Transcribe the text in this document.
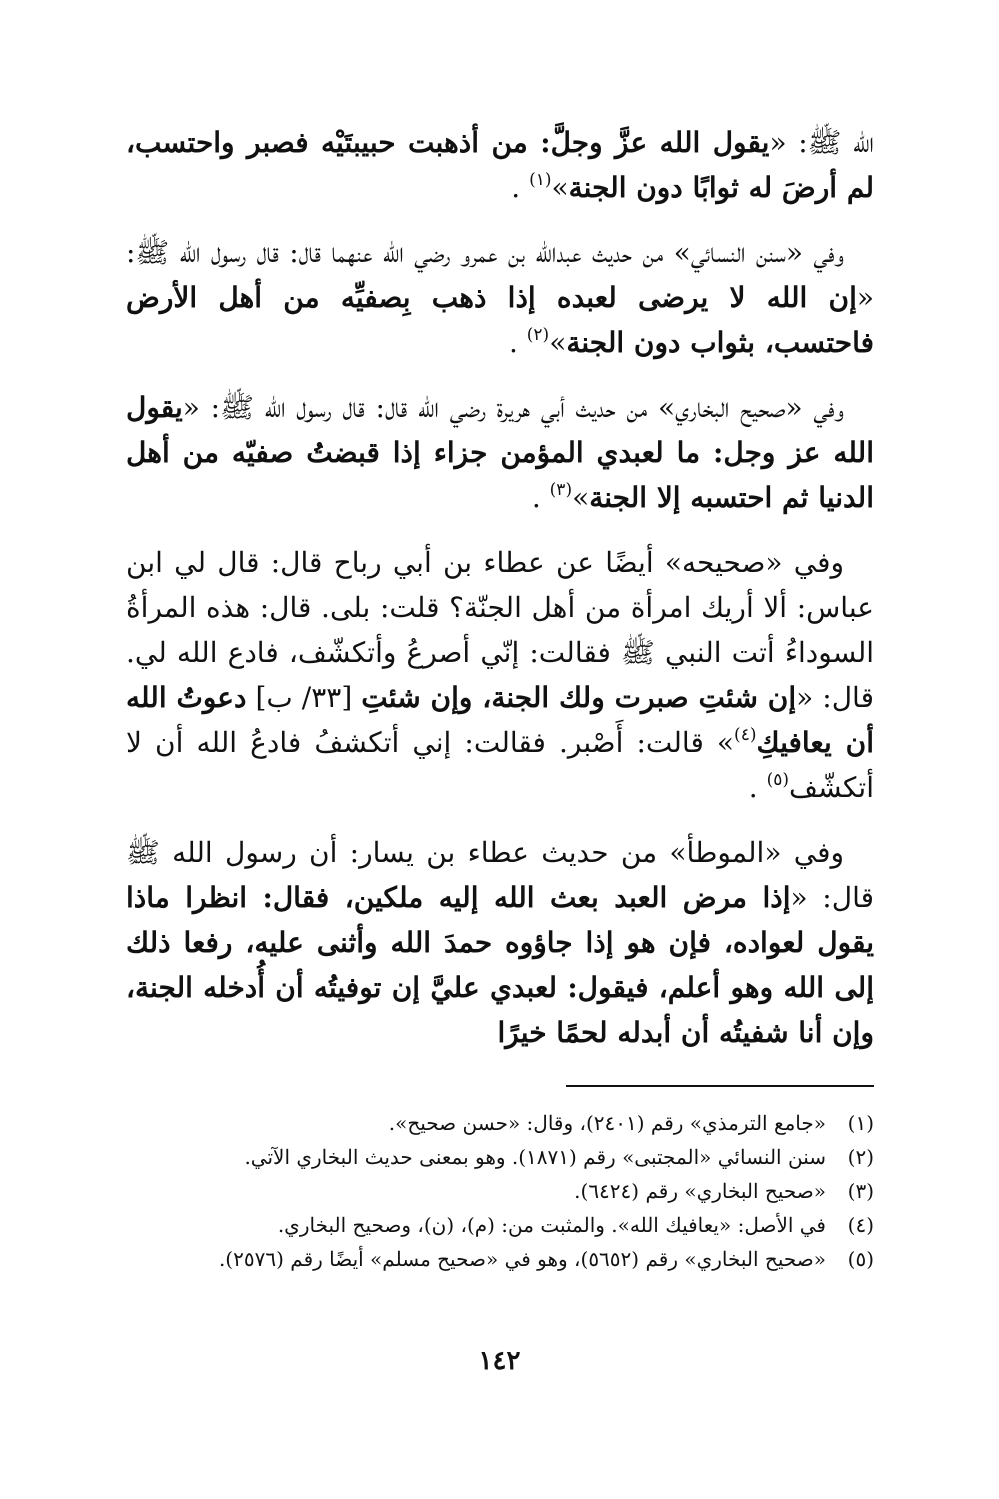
الله ﷺ: «يقول الله عزَّ وجلَّ: من أذهبت حبيبتَيْه فصبر واحتسب، لم أرضَ له ثوابًا دون الجنة»$^{(١)}$ .

وفي «سنن النسائي» من حديث عبدالله بن عمرو رضي الله عنهما قال: قال رسول الله ﷺ: «إن الله لا يرضى لعبده إذا ذهب بِصفيِّه من أهل الأرض فاحتسب، بثواب دون الجنة»$^{(٢)}$ .

وفي «صحيح البخاري» من حديث أبي هريرة رضي الله قال: قال رسول الله ﷺ: «يقول الله عز وجل: ما لعبدي المؤمن جزاء إذا قبضتُ صفيّه من أهل الدنيا ثم احتسبه إلا الجنة»$^{(٣)}$ .

وفي «صحيحه» أيضًا عن عطاء بن أبي رباح قال: قال لي ابن عباس: ألا أريك امرأة من أهل الجنّة؟ قلت: بلى. قال: هذه المرأةُ السوداءُ أتت النبي ﷺ فقالت: إنّي أصرعُ وأتكشّف، فادع الله لي. قال: «إن شئتِ صبرت ولك الجنة، وإن شئتِ [٣٣/ ب] دعوتُ الله أن يعافيكِ$^{(٤)}$» قالت: أَصْبر. فقالت: إني أتكشفُ فادعُ الله أن لا أتكشّف$^{(٥)}$ .

وفي «الموطأ» من حديث عطاء بن يسار: أن رسول الله ﷺ قال: «إذا مرض العبد بعث الله إليه ملكين، فقال: انظرا ماذا يقول لعواده، فإن هو إذا جاؤوه حمدَ الله وأثنى عليه، رفعا ذلك إلى الله وهو أعلم، فيقول: لعبدي عليَّ إن توفيتُه أن أُدخله الجنة، وإن أنا شفيتُه أن أبدله لحمًا خيرًا

(١)
«جامع الترمذي» رقم (٢٤٠١)، وقال: «حسن صحيح».
(٢)
سنن النسائي «المجتبى» رقم (١٨٧١). وهو بمعنى حديث البخاري الآتي.
(٣)
«صحيح البخاري» رقم (٦٤٢٤).
(٤)
في الأصل: «يعافيك الله». والمثبت من: (م)، (ن)، وصحيح البخاري.
(٥)
«صحيح البخاري» رقم (٥٦٥٢)، وهو في «صحيح مسلم» أيضًا رقم (٢٥٧٦).
١٤٢
